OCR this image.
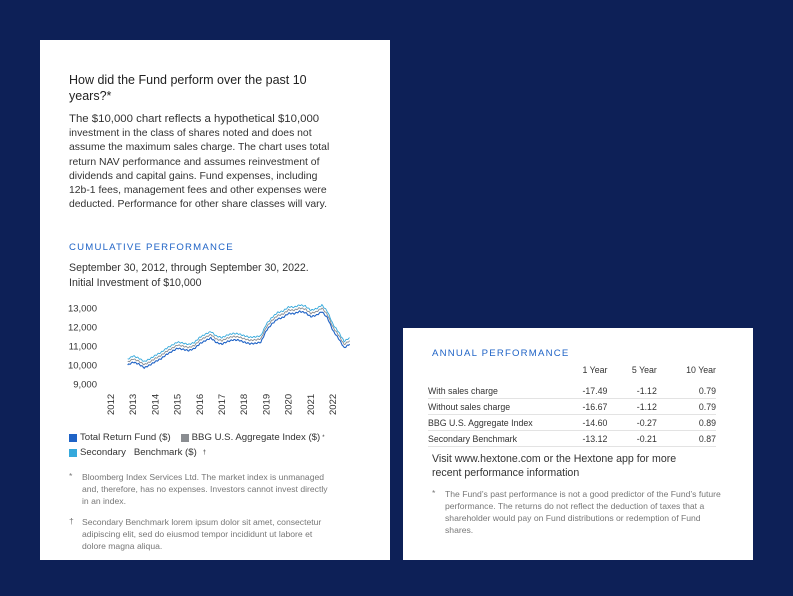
How did the Fund perform over the past 10 years?*
The $10,000 chart reflects a hypothetical $10,000 investment in the class of shares noted and does not assume the maximum sales charge. The chart uses total return NAV performance and assumes reinvestment of dividends and capital gains. Fund expenses, including 12b-1 fees, management fees and other expenses were deducted. Performance for other share classes will vary.
CUMULATIVE PERFORMANCE
September 30, 2012, through September 30, 2022.
Initial Investment of $10,000
13,000
12,000
11,000
10,000
9,000
2012 2013 2014 2015 2016 2017 2018 2019 2020 2021 2022
Total Return Fund ($) BBG U.S. Aggregate Index ($) *
Secondary   Benchmark ($) †
* Bloomberg Index Services Ltd. The market index is unmanaged and, therefore, has no expenses. Investors cannot invest directly in an index.
† Secondary Benchmark lorem ipsum dolor sit amet, consectetur adipiscing elit, sed do eiusmod tempor incididunt ut labore et dolore magna aliqua.
ANNUAL PERFORMANCE
	1 Year	5 Year	10 Year
With sales charge	-17.49	-1.12	0.79
Without sales charge	-16.67	-1.12	0.79
BBG U.S. Aggregate Index	-14.60	-0.27	0.89
Secondary Benchmark	-13.12	-0.21	0.87
Visit www.hextone.com or the Hextone app for more recent performance information
* The Fund’s past performance is not a good predictor of the Fund’s future performance. The returns do not reflect the deduction of taxes that a shareholder would pay on Fund distributions or redemption of Fund shares.
